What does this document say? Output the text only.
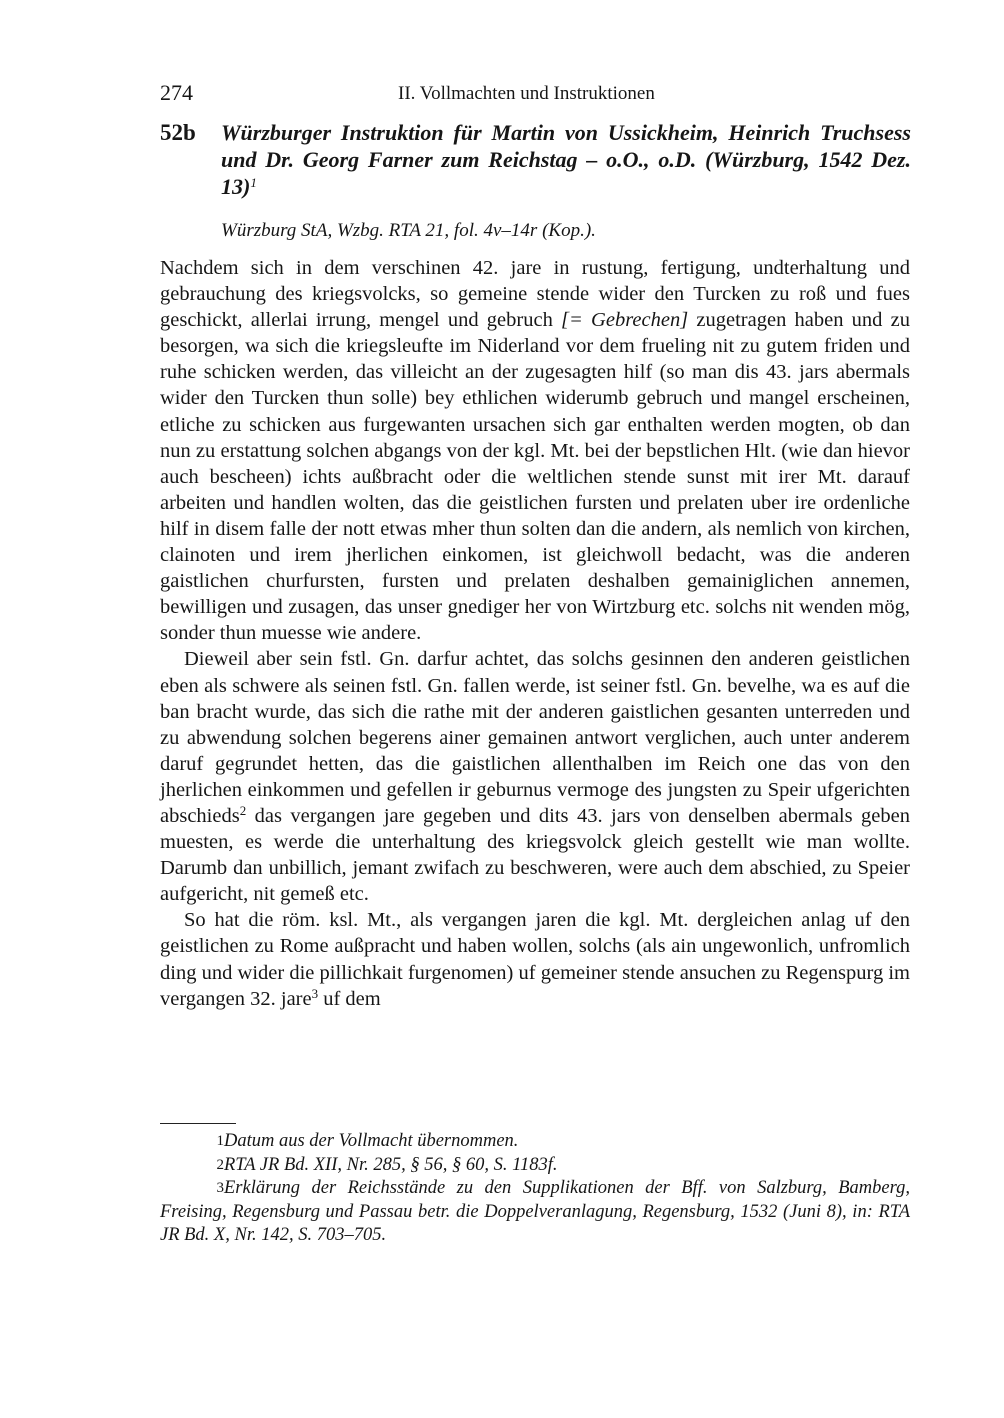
274	II. Vollmachten und Instruktionen
52b Würzburger Instruktion für Martin von Ussickheim, Heinrich Truchsess und Dr. Georg Farner zum Reichstag – o.O., o.D. (Würzburg, 1542 Dez. 13)$^1$
Würzburg StA, Wzbg. RTA 21, fol. 4v–14r (Kop.).

Nachdem sich in dem verschinen 42. jare in rustung, fertigung, undterhaltung und gebrauchung des kriegsvolcks, so gemeine stende wider den Turcken zu roß und fues geschickt, allerlai irrung, mengel und gebruch [= Gebrechen] zugetragen haben und zu besorgen, wa sich die kriegsleufte im Niderland vor dem frueling nit zu gutem friden und ruhe schicken werden, das villeicht an der zugesagten hilf (so man dis 43. jars abermals wider den Turcken thun solle) bey ethlichen widerumb gebruch und mangel erscheinen, etliche zu schicken aus furgewanten ursachen sich gar enthalten werden mogten, ob dan nun zu erstattung solchen abgangs von der kgl. Mt. bei der bepstlichen Hlt. (wie dan hievor auch bescheen) ichts außbracht oder die weltlichen stende sunst mit irer Mt. darauf arbeiten und handlen wolten, das die geistlichen fursten und prelaten uber ire ordenliche hilf in disem falle der nott etwas mher thun solten dan die andern, als nemlich von kirchen, clainoten und irem jherlichen einkomen, ist gleichwoll bedacht, was die anderen gaistlichen churfursten, fursten und prelaten deshalben gemainiglichen annemen, bewilligen und zusagen, das unser gnediger her von Wirtzburg etc. solchs nit wenden mög, sonder thun muesse wie andere.

Dieweil aber sein fstl. Gn. darfur achtet, das solchs gesinnen den anderen geistlichen eben als schwere als seinen fstl. Gn. fallen werde, ist seiner fstl. Gn. bevelhe, wa es auf die ban bracht wurde, das sich die rathe mit der anderen gaistlichen gesanten unterreden und zu abwendung solchen begerens ainer gemainen antwort verglichen, auch unter anderem daruf gegrundet hetten, das die gaistlichen allenthalben im Reich one das von den jherlichen einkommen und gefellen ir geburnus vermoge des jungsten zu Speir ufgerichten abschieds$^2$ das vergangen jare gegeben und dits 43. jars von denselben abermals geben muesten, es werde die unterhaltung des kriegsvolck gleich gestellt wie man wollte. Darumb dan unbillich, jemant zwifach zu beschweren, were auch dem abschied, zu Speier aufgericht, nit gemeß etc.

So hat die röm. ksl. Mt., als vergangen jaren die kgl. Mt. dergleichen anlag uf den geistlichen zu Rome außpracht und haben wollen, solchs (als ain ungewonlich, unfromlich ding und wider die pillichkait furgenomen) uf gemeiner stende ansuchen zu Regenspurg im vergangen 32. jare$^3$ uf dem

1Datum aus der Vollmacht übernommen.
2RTA JR Bd. XII, Nr. 285, § 56, § 60, S. 1183f.
3Erklärung der Reichsstände zu den Supplikationen der Bff. von Salzburg, Bamberg, Freising, Regensburg und Passau betr. die Doppelveranlagung, Regensburg, 1532 (Juni 8), in: RTA JR Bd. X, Nr. 142, S. 703–705.
